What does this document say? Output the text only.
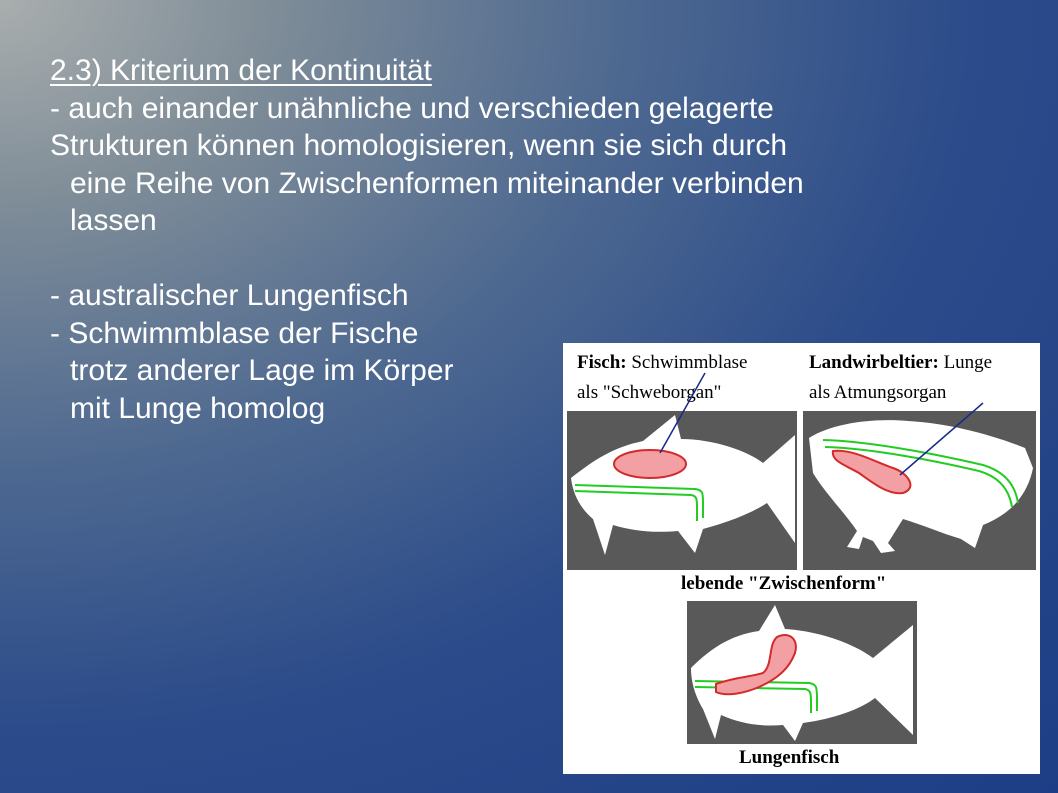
2.3) Kriterium der Kontinuität
- auch einander unähnliche und verschieden gelagerte
Strukturen können homologisieren, wenn sie sich durch
eine Reihe von Zwischenformen miteinander verbinden
lassen
- australischer Lungenfisch
- Schwimmblase der Fische
trotz anderer Lage im Körper
mit Lunge homolog
Fisch: Schwimmblase
als "Schweborgan"
Landwirbeltier: Lunge
als Atmungsorgan
lebende "Zwischenform"
Lungenfisch
